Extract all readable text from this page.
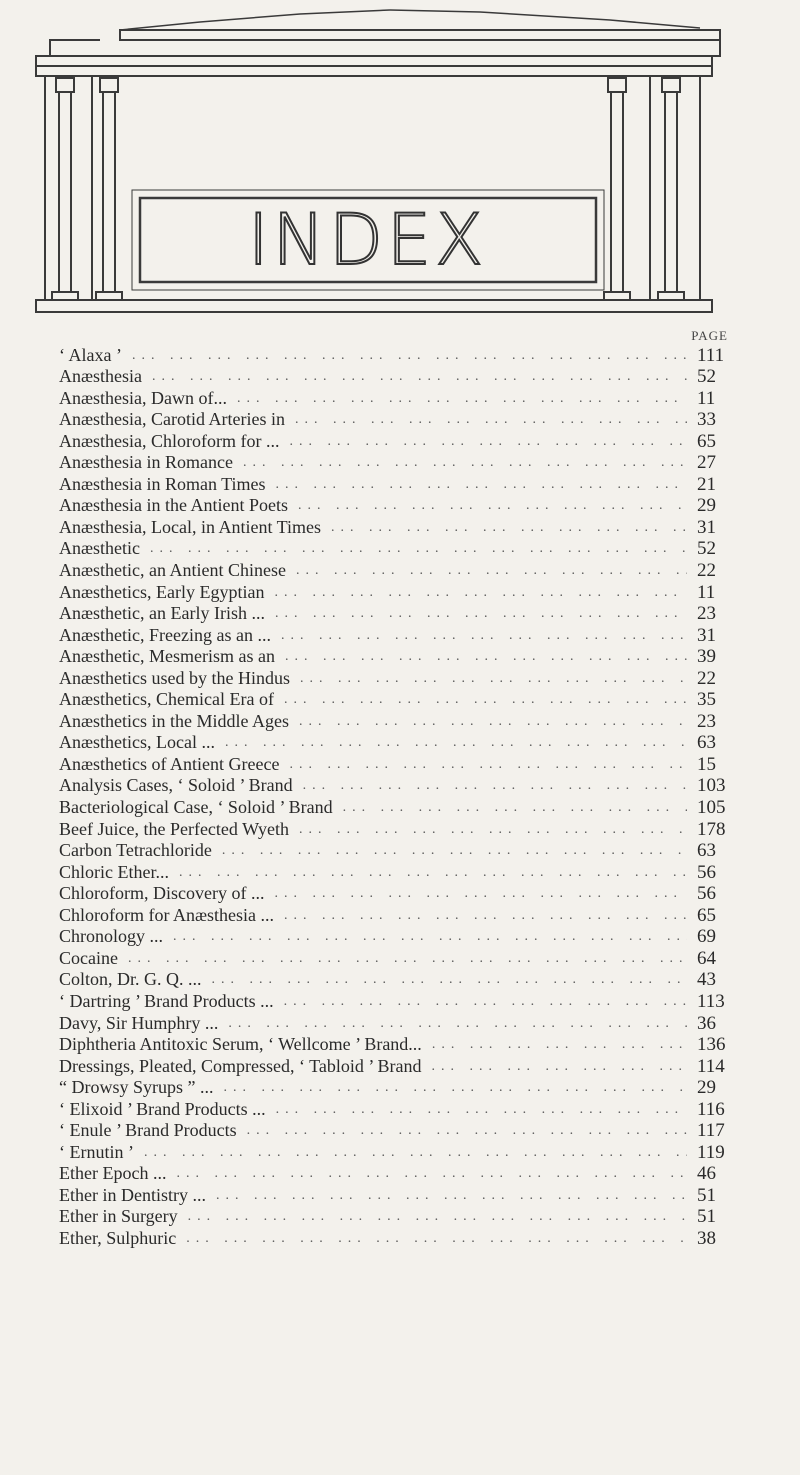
INDEX
PAGE
‘ Alaxa ’ ... .	111
Anæsthesia ... .	52
Anæsthesia, Dawn of... ... .	11
Anæsthesia, Carotid Arteries in ... .	33
Anæsthesia, Chloroform for ... ... .	65
Anæsthesia in Romance ... .	27
Anæsthesia in Roman Times ... .	21
Anæsthesia in the Antient Poets ... .	29
Anæsthesia, Local, in Antient Times ... .	31
Anæsthetic ... .	52
Anæsthetic, an Antient Chinese ... .	22
Anæsthetics, Early Egyptian ... .	11
Anæsthetic, an Early Irish ... ... .	23
Anæsthetic, Freezing as an ... ... .	31
Anæsthetic, Mesmerism as an ... .	39
Anæsthetics used by the Hindus ... .	22
Anæsthetics, Chemical Era of ... .	35
Anæsthetics in the Middle Ages ... .	23
Anæsthetics, Local ... ... .	63
Anæsthetics of Antient Greece ... .	15
Analysis Cases, ‘ Soloid ’ Brand ... .	103
Bacteriological Case, ‘ Soloid ’ Brand ... .	105
Beef Juice, the Perfected Wyeth ... .	178
Carbon Tetrachloride ... .	63
Chloric Ether... ... .	56
Chloroform, Discovery of ... ... .	56
Chloroform for Anæsthesia ... ... .	65
Chronology ... ... .	69
Cocaine ... .	64
Colton, Dr. G. Q. ... ... .	43
‘ Dartring ’ Brand Products ... ... .	113
Davy, Sir Humphry ... ... .	36
Diphtheria Antitoxic Serum, ‘ Wellcome ’ Brand... ... .	136
Dressings, Pleated, Compressed, ‘ Tabloid ’ Brand ... .	114
“ Drowsy Syrups ” ... ... .	29
‘ Elixoid ’ Brand Products ... ... .	116
‘ Enule ’ Brand Products ... .	117
‘ Ernutin ’ ... .	119
Ether Epoch ... ... .	46
Ether in Dentistry ... ... .	51
Ether in Surgery ... .	51
Ether, Sulphuric ... .	38
